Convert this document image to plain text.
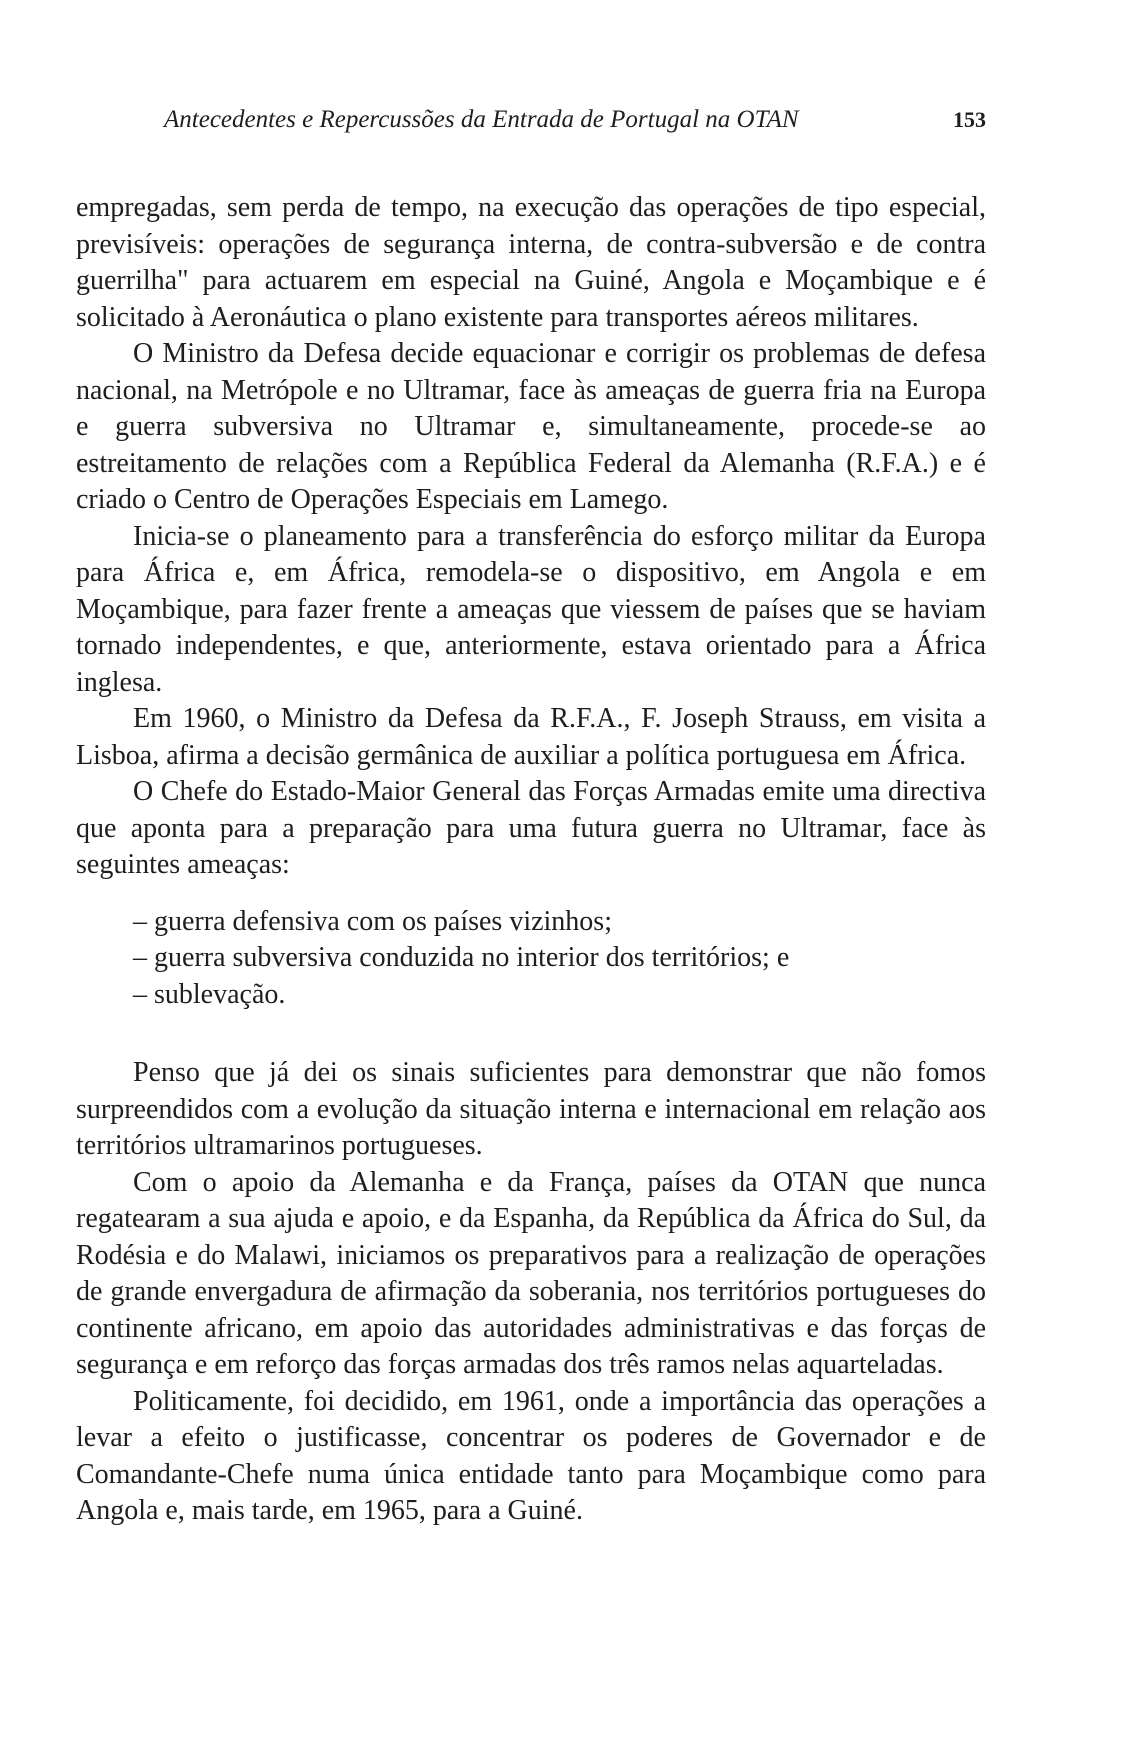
Antecedentes e Repercussões da Entrada de Portugal na OTAN	153

empregadas, sem perda de tempo, na execução das operações de tipo especial, previsíveis: operações de segurança interna, de contra-subversão e de contra guerrilha" para actuarem em especial na Guiné, Angola e Moçambique e é solicitado à Aeronáutica o plano existente para transportes aéreos militares.

O Ministro da Defesa decide equacionar e corrigir os problemas de defesa nacional, na Metrópole e no Ultramar, face às ameaças de guerra fria na Europa e guerra subversiva no Ultramar e, simultaneamente, procede-se ao estreitamento de relações com a República Federal da Alemanha (R.F.A.) e é criado o Centro de Operações Especiais em Lamego.

Inicia-se o planeamento para a transferência do esforço militar da Europa para África e, em África, remodela-se o dispositivo, em Angola e em Moçambique, para fazer frente a ameaças que viessem de países que se haviam tornado independentes, e que, anteriormente, estava orientado para a África inglesa.

Em 1960, o Ministro da Defesa da R.F.A., F. Joseph Strauss, em visita a Lisboa, afirma a decisão germânica de auxiliar a política portuguesa em África.

O Chefe do Estado-Maior General das Forças Armadas emite uma directiva que aponta para a preparação para uma futura guerra no Ultramar, face às seguintes ameaças:

– guerra defensiva com os países vizinhos;
– guerra subversiva conduzida no interior dos territórios; e
– sublevação.

Penso que já dei os sinais suficientes para demonstrar que não fomos surpreendidos com a evolução da situação interna e internacional em relação aos territórios ultramarinos portugueses.

Com o apoio da Alemanha e da França, países da OTAN que nunca regatearam a sua ajuda e apoio, e da Espanha, da República da África do Sul, da Rodésia e do Malawi, iniciamos os preparativos para a realização de operações de grande envergadura de afirmação da soberania, nos territórios portugueses do continente africano, em apoio das autoridades administrativas e das forças de segurança e em reforço das forças armadas dos três ramos nelas aquarteladas.

Politicamente, foi decidido, em 1961, onde a importância das operações a levar a efeito o justificasse, concentrar os poderes de Governador e de Comandante-Chefe numa única entidade tanto para Moçambique como para Angola e, mais tarde, em 1965, para a Guiné.
